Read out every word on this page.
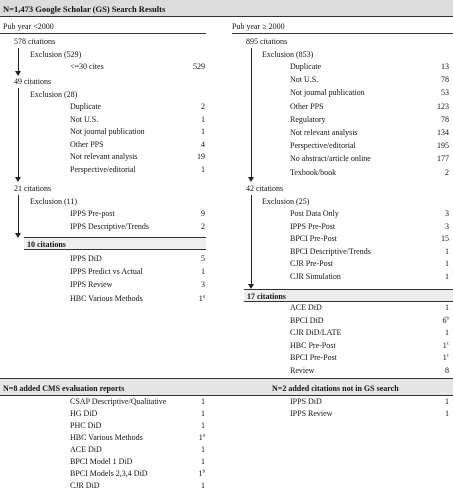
N=1,473 Google Scholar (GS) Search Results
Pub year <2000	Pub year ≥ 2000
578 citations
Exclusion (529)
<=30 cites	529
49 citations
Exclusion (28)
Duplicate	2
Not U.S.	1
Not journal publication	1
Other PPS	4
Not relevant analysis	19
Perspective/editorial	1
21 citations
Exclusion (11)
IPPS Pre-post	9
IPPS Descriptive/Trends	2
10 citations
IPPS DiD	5
IPPS Predict vs Actual	1
IPPS Review	3
HBC Various Methods	1$^a$
895 citations
Exclusion (853)
Duplicate	13
Not U.S.	78
Not journal publication	53
Other PPS	123
Regulatory	78
Not relevant analysis	134
Perspective/editorial	195
No abstract/article online	177
Texbook/book	2
42 citations
Exclusion (25)
Post Data Only	3
IPPS Pre-Post	3
BPCI Pre-Post	15
BPCI Descriptive/Trends	1
CJR Pre-Post	1
CJR Simulation	1
17 citations
ACE DiD	1
BPCI DiD	6$^b$
CJR DiD/LATE	1
HBC Pre-Post	1$^c$
BPCI Pre-Post	1$^c$
Review	8
N=8 added CMS evaluation reports	N=2 added citations not in GS search
CSAP Descriptive/Qualitative	1
HG DiD	1
PHC DiD	1
HBC Various Methods	1$^a$
ACE DiD	1
BPCI Model 1 DiD	1
BPCI Models 2,3,4 DiD	1$^b$
CJR DiD	1
IPPS DiD	1
IPPS Review	1
